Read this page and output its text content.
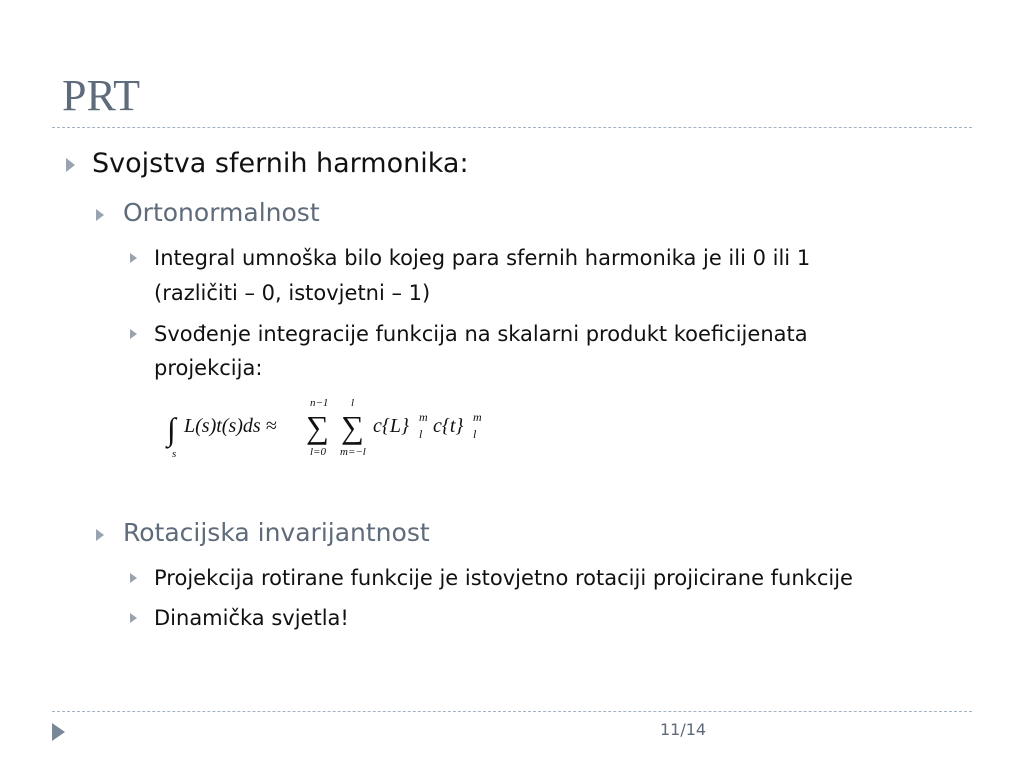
PRT
Svojstva sfernih harmonika:
Ortonormalnost
Integral umnoška bilo kojeg para sfernih harmonika je ili 0 ili 1
(različiti – 0, istovjetni – 1)
Svođenje integracije funkcija na skalarni produkt koeficijenata
projekcija:
∫
s
L(s)t(s)ds ≈
n−1
∑
l=0
l
∑
m=−l
c{L} m
l c{t} m
l
Rotacijska invarijantnost
Projekcija rotirane funkcije je istovjetno rotaciji projicirane funkcije
Dinamička svjetla!
11/14
